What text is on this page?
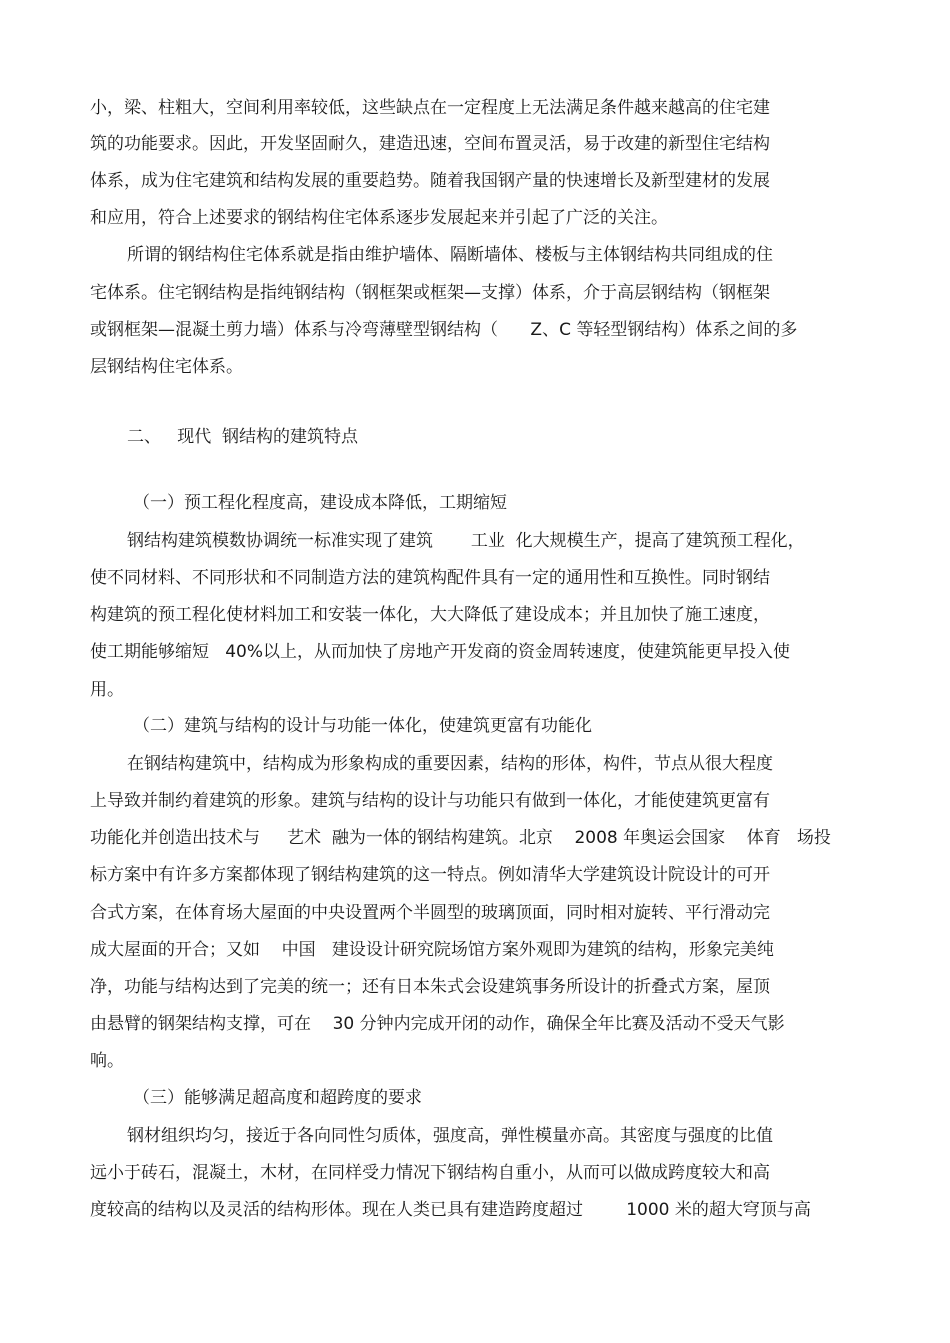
小，梁、柱粗大，空间利用率较低，这些缺点在一定程度上无法满足条件越来越高的住宅建
筑的功能要求。因此，开发坚固耐久，建造迅速，空间布置灵活，易于改建的新型住宅结构
体系，成为住宅建筑和结构发展的重要趋势。随着我国钢产量的快速增长及新型建材的发展
和应用，符合上述要求的钢结构住宅体系逐步发展起来并引起了广泛的关注。
所谓的钢结构住宅体系就是指由维护墙体、隔断墙体、楼板与主体钢结构共同组成的住
宅体系。住宅钢结构是指纯钢结构（钢框架或框架—支撑）体系，介于高层钢结构（钢框架
或钢框架—混凝土剪力墙）体系与冷弯薄壁型钢结构（      Z、C 等轻型钢结构）体系之间的多
层钢结构住宅体系。
二、   现代  钢结构的建筑特点
（一）预工程化程度高，建设成本降低，工期缩短
钢结构建筑模数协调统一标准实现了建筑       工业  化大规模生产，提高了建筑预工程化，
使不同材料、不同形状和不同制造方法的建筑构配件具有一定的通用性和互换性。同时钢结
构建筑的预工程化使材料加工和安装一体化，大大降低了建设成本；并且加快了施工速度，
使工期能够缩短   40%以上，从而加快了房地产开发商的资金周转速度，使建筑能更早投入使
用。
（二）建筑与结构的设计与功能一体化，使建筑更富有功能化
在钢结构建筑中，结构成为形象构成的重要因素，结构的形体，构件，节点从很大程度
上导致并制约着建筑的形象。建筑与结构的设计与功能只有做到一体化，才能使建筑更富有
功能化并创造出技术与     艺术  融为一体的钢结构建筑。北京    2008 年奥运会国家    体育   场投
标方案中有许多方案都体现了钢结构建筑的这一特点。例如清华大学建筑设计院设计的可开
合式方案，在体育场大屋面的中央设置两个半圆型的玻璃顶面，同时相对旋转、平行滑动完
成大屋面的开合；又如    中国   建设设计研究院场馆方案外观即为建筑的结构，形象完美纯
净，功能与结构达到了完美的统一；还有日本朱式会设建筑事务所设计的折叠式方案，屋顶
由悬臂的钢架结构支撑，可在    30 分钟内完成开闭的动作，确保全年比赛及活动不受天气影
响。
（三）能够满足超高度和超跨度的要求
钢材组织均匀，接近于各向同性匀质体，强度高，弹性模量亦高。其密度与强度的比值
远小于砖石，混凝土，木材，在同样受力情况下钢结构自重小，从而可以做成跨度较大和高
度较高的结构以及灵活的结构形体。现在人类已具有建造跨度超过        1000 米的超大穹顶与高
